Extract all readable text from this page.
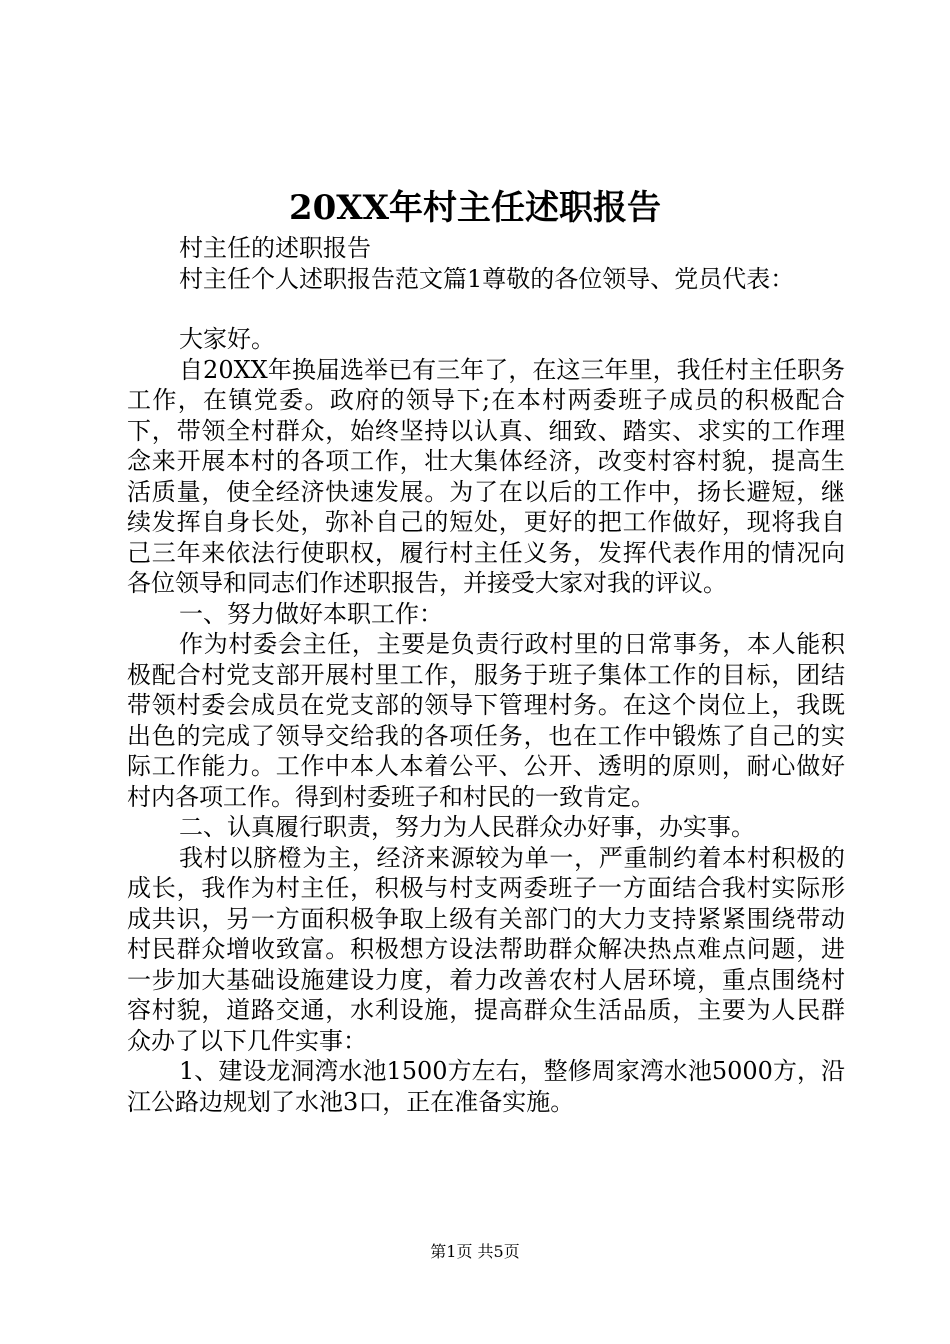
20XX年村主任述职报告

村主任的述职报告

村主任个人述职报告范文篇1尊敬的各位领导、党员代表：

大家好。

自20XX年换届选举已有三年了，在这三年里，我任村主任职务工作，在镇党委。政府的领导下;在本村两委班子成员的积极配合下，带领全村群众，始终坚持以认真、细致、踏实、求实的工作理念来开展本村的各项工作，壮大集体经济，改变村容村貌，提高生活质量，使全经济快速发展。为了在以后的工作中，扬长避短，继续发挥自身长处，弥补自己的短处，更好的把工作做好，现将我自己三年来依法行使职权，履行村主任义务，发挥代表作用的情况向各位领导和同志们作述职报告，并接受大家对我的评议。

一、努力做好本职工作：

作为村委会主任，主要是负责行政村里的日常事务，本人能积极配合村党支部开展村里工作，服务于班子集体工作的目标，团结带领村委会成员在党支部的领导下管理村务。在这个岗位上，我既出色的完成了领导交给我的各项任务，也在工作中锻炼了自己的实际工作能力。工作中本人本着公平、公开、透明的原则，耐心做好村内各项工作。得到村委班子和村民的一致肯定。

二、认真履行职责，努力为人民群众办好事，办实事。

我村以脐橙为主，经济来源较为单一，严重制约着本村积极的成长，我作为村主任，积极与村支两委班子一方面结合我村实际形成共识，另一方面积极争取上级有关部门的大力支持紧紧围绕带动村民群众增收致富。积极想方设法帮助群众解决热点难点问题，进一步加大基础设施建设力度，着力改善农村人居环境，重点围绕村容村貌，道路交通，水利设施，提高群众生活品质，主要为人民群众办了以下几件实事：

1、建设龙洞湾水池1500方左右，整修周家湾水池5000方，沿江公路边规划了水池3口，正在准备实施。

第1页 共5页
